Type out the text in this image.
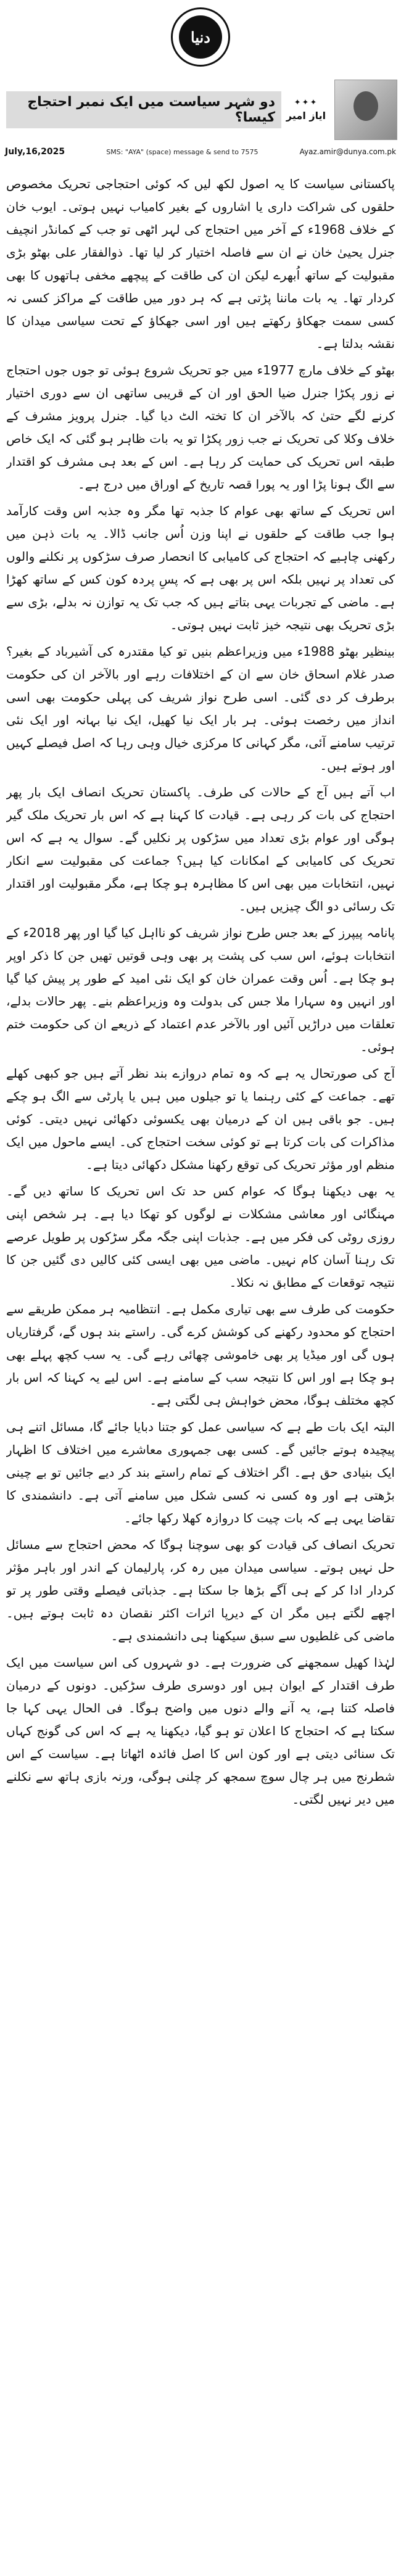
دنیا
✦✦✦
ایاز امیر
دو شہر سیاست میں ایک نمبر احتجاج کیسا؟
July,16,2025	SMS: "AYA" (space) message & send to 7575	Ayaz.amir@dunya.com.pk

پاکستانی سیاست کا یہ اصول لکھ لیں کہ کوئی احتجاجی تحریک مخصوص حلقوں کی شراکت داری یا اشاروں کے بغیر کامیاب نہیں ہوتی۔ ایوب خان کے خلاف 1968ء کے آخر میں احتجاج کی لہر اٹھی تو جب کے کمانڈر انچیف جنرل یحییٰ خان نے ان سے فاصلہ اختیار کر لیا تھا۔ ذوالفقار علی بھٹو بڑی مقبولیت کے ساتھ اُبھرے لیکن ان کی طاقت کے پیچھے مخفی ہاتھوں کا بھی کردار تھا۔ یہ بات ماننا پڑتی ہے کہ ہر دور میں طاقت کے مراکز کسی نہ کسی سمت جھکاؤ رکھتے ہیں اور اسی جھکاؤ کے تحت سیاسی میدان کا نقشہ بدلتا ہے۔

بھٹو کے خلاف مارچ 1977ء میں جو تحریک شروع ہوئی تو جوں جوں احتجاج نے زور پکڑا جنرل ضیا الحق اور ان کے قریبی ساتھی ان سے دوری اختیار کرنے لگے حتیٰ کہ بالآخر ان کا تختہ الٹ دیا گیا۔ جنرل پرویز مشرف کے خلاف وکلا کی تحریک نے جب زور پکڑا تو یہ بات ظاہر ہو گئی کہ ایک خاص طبقہ اس تحریک کی حمایت کر رہا ہے۔ اس کے بعد ہی مشرف کو اقتدار سے الگ ہونا پڑا اور یہ پورا قصہ تاریخ کے اوراق میں درج ہے۔

اس تحریک کے ساتھ بھی عوام کا جذبہ تھا مگر وہ جذبہ اس وقت کارآمد ہوا جب طاقت کے حلقوں نے اپنا وزن اُس جانب ڈالا۔ یہ بات ذہن میں رکھنی چاہیے کہ احتجاج کی کامیابی کا انحصار صرف سڑکوں پر نکلنے والوں کی تعداد پر نہیں بلکہ اس پر بھی ہے کہ پسِ پردہ کون کس کے ساتھ کھڑا ہے۔ ماضی کے تجربات یہی بتاتے ہیں کہ جب تک یہ توازن نہ بدلے، بڑی سے بڑی تحریک بھی نتیجہ خیز ثابت نہیں ہوتی۔

بینظیر بھٹو 1988ء میں وزیراعظم بنیں تو کیا مقتدرہ کی آشیرباد کے بغیر؟ صدر غلام اسحاق خان سے ان کے اختلافات رہے اور بالآخر ان کی حکومت برطرف کر دی گئی۔ اسی طرح نواز شریف کی پہلی حکومت بھی اسی انداز میں رخصت ہوئی۔ ہر بار ایک نیا کھیل، ایک نیا بہانہ اور ایک نئی ترتیب سامنے آئی، مگر کہانی کا مرکزی خیال وہی رہا کہ اصل فیصلے کہیں اور ہوتے ہیں۔

اب آتے ہیں آج کے حالات کی طرف۔ پاکستان تحریک انصاف ایک بار پھر احتجاج کی بات کر رہی ہے۔ قیادت کا کہنا ہے کہ اس بار تحریک ملک گیر ہوگی اور عوام بڑی تعداد میں سڑکوں پر نکلیں گے۔ سوال یہ ہے کہ اس تحریک کی کامیابی کے امکانات کیا ہیں؟ جماعت کی مقبولیت سے انکار نہیں، انتخابات میں بھی اس کا مظاہرہ ہو چکا ہے، مگر مقبولیت اور اقتدار تک رسائی دو الگ چیزیں ہیں۔

پانامہ پیپرز کے بعد جس طرح نواز شریف کو نااہل کیا گیا اور پھر 2018ء کے انتخابات ہوئے، اس سب کی پشت پر بھی وہی قوتیں تھیں جن کا ذکر اوپر ہو چکا ہے۔ اُس وقت عمران خان کو ایک نئی امید کے طور پر پیش کیا گیا اور انہیں وہ سہارا ملا جس کی بدولت وہ وزیراعظم بنے۔ پھر حالات بدلے، تعلقات میں دراڑیں آئیں اور بالآخر عدم اعتماد کے ذریعے ان کی حکومت ختم ہوئی۔

آج کی صورتحال یہ ہے کہ وہ تمام دروازے بند نظر آتے ہیں جو کبھی کھلے تھے۔ جماعت کے کئی رہنما یا تو جیلوں میں ہیں یا پارٹی سے الگ ہو چکے ہیں۔ جو باقی ہیں ان کے درمیان بھی یکسوئی دکھائی نہیں دیتی۔ کوئی مذاکرات کی بات کرتا ہے تو کوئی سخت احتجاج کی۔ ایسے ماحول میں ایک منظم اور مؤثر تحریک کی توقع رکھنا مشکل دکھائی دیتا ہے۔

یہ بھی دیکھنا ہوگا کہ عوام کس حد تک اس تحریک کا ساتھ دیں گے۔ مہنگائی اور معاشی مشکلات نے لوگوں کو تھکا دیا ہے۔ ہر شخص اپنی روزی روٹی کی فکر میں ہے۔ جذبات اپنی جگہ مگر سڑکوں پر طویل عرصے تک رہنا آسان کام نہیں۔ ماضی میں بھی ایسی کئی کالیں دی گئیں جن کا نتیجہ توقعات کے مطابق نہ نکلا۔

حکومت کی طرف سے بھی تیاری مکمل ہے۔ انتظامیہ ہر ممکن طریقے سے احتجاج کو محدود رکھنے کی کوشش کرے گی۔ راستے بند ہوں گے، گرفتاریاں ہوں گی اور میڈیا پر بھی خاموشی چھائی رہے گی۔ یہ سب کچھ پہلے بھی ہو چکا ہے اور اس کا نتیجہ سب کے سامنے ہے۔ اس لیے یہ کہنا کہ اس بار کچھ مختلف ہوگا، محض خواہش ہی لگتی ہے۔

البتہ ایک بات طے ہے کہ سیاسی عمل کو جتنا دبایا جائے گا، مسائل اتنے ہی پیچیدہ ہوتے جائیں گے۔ کسی بھی جمہوری معاشرے میں اختلاف کا اظہار ایک بنیادی حق ہے۔ اگر اختلاف کے تمام راستے بند کر دیے جائیں تو بے چینی بڑھتی ہے اور وہ کسی نہ کسی شکل میں سامنے آتی ہے۔ دانشمندی کا تقاضا یہی ہے کہ بات چیت کا دروازہ کھلا رکھا جائے۔

تحریک انصاف کی قیادت کو بھی سوچنا ہوگا کہ محض احتجاج سے مسائل حل نہیں ہوتے۔ سیاسی میدان میں رہ کر، پارلیمان کے اندر اور باہر مؤثر کردار ادا کر کے ہی آگے بڑھا جا سکتا ہے۔ جذباتی فیصلے وقتی طور پر تو اچھے لگتے ہیں مگر ان کے دیرپا اثرات اکثر نقصان دہ ثابت ہوتے ہیں۔ ماضی کی غلطیوں سے سبق سیکھنا ہی دانشمندی ہے۔

لہٰذا کھیل سمجھنے کی ضرورت ہے۔ دو شہروں کی اس سیاست میں ایک طرف اقتدار کے ایوان ہیں اور دوسری طرف سڑکیں۔ دونوں کے درمیان فاصلہ کتنا ہے، یہ آنے والے دنوں میں واضح ہوگا۔ فی الحال یہی کہا جا سکتا ہے کہ احتجاج کا اعلان تو ہو گیا، دیکھنا یہ ہے کہ اس کی گونج کہاں تک سنائی دیتی ہے اور کون اس کا اصل فائدہ اٹھاتا ہے۔ سیاست کے اس شطرنج میں ہر چال سوچ سمجھ کر چلنی ہوگی، ورنہ بازی ہاتھ سے نکلنے میں دیر نہیں لگتی۔
